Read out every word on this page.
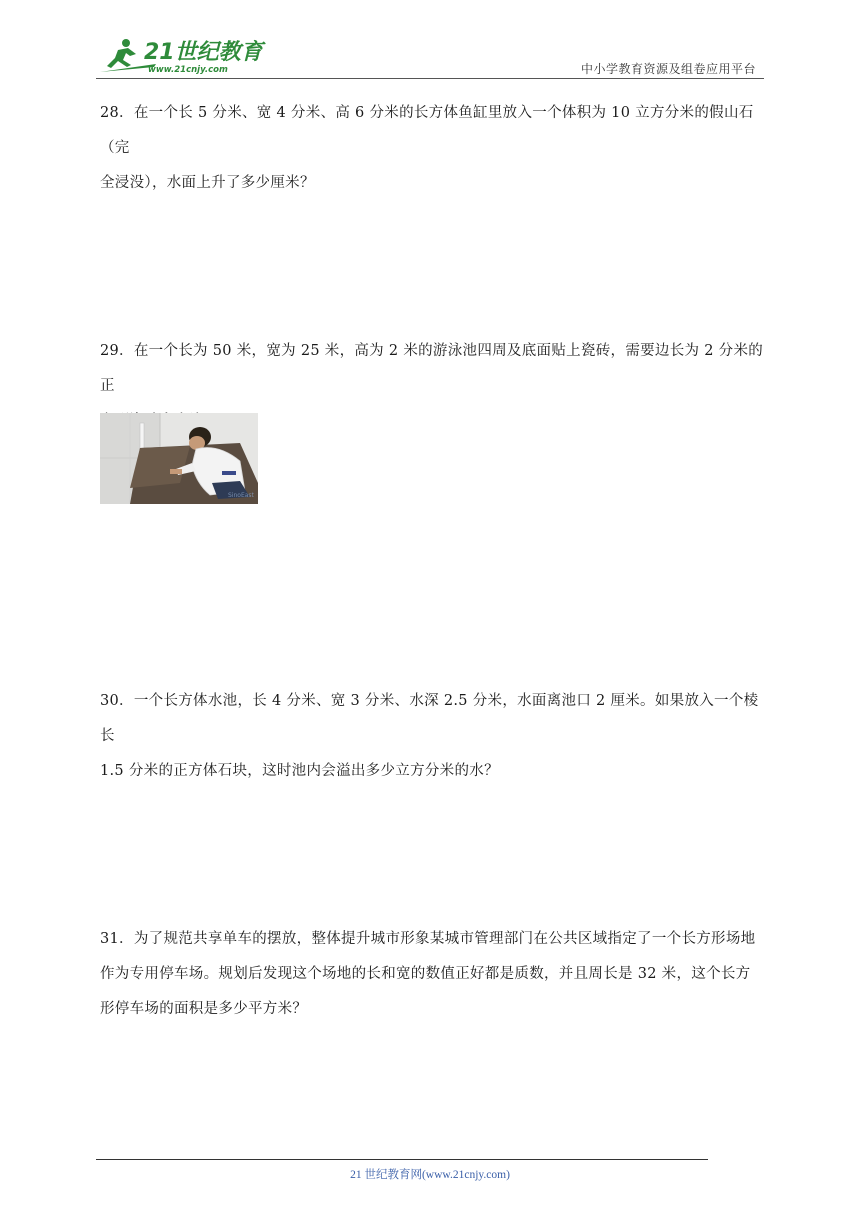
21世纪教育
www.21cnjy.com	中小学教育资源及组卷应用平台

28．在一个长 5 分米、宽 4 分米、高 6 分米的长方体鱼缸里放入一个体积为 10 立方分米的假山石（完

全浸没），水面上升了多少厘米？

29．在一个长为 50 米，宽为 25 米，高为 2 米的游泳池四周及底面贴上瓷砖，需要边长为 2 分米的正

SinoEast

30．一个长方体水池，长 4 分米、宽 3 分米、水深 2.5 分米，水面离池口 2 厘米。如果放入一个棱长

1.5 分米的正方体石块，这时池内会溢出多少立方分米的水？

31．为了规范共享单车的摆放，整体提升城市形象某城市管理部门在公共区域指定了一个长方形场地

作为专用停车场。规划后发现这个场地的长和宽的数值正好都是质数，并且周长是 32 米，这个长方

形停车场的面积是多少平方米？

21 世纪教育网(www.21cnjy.com)
